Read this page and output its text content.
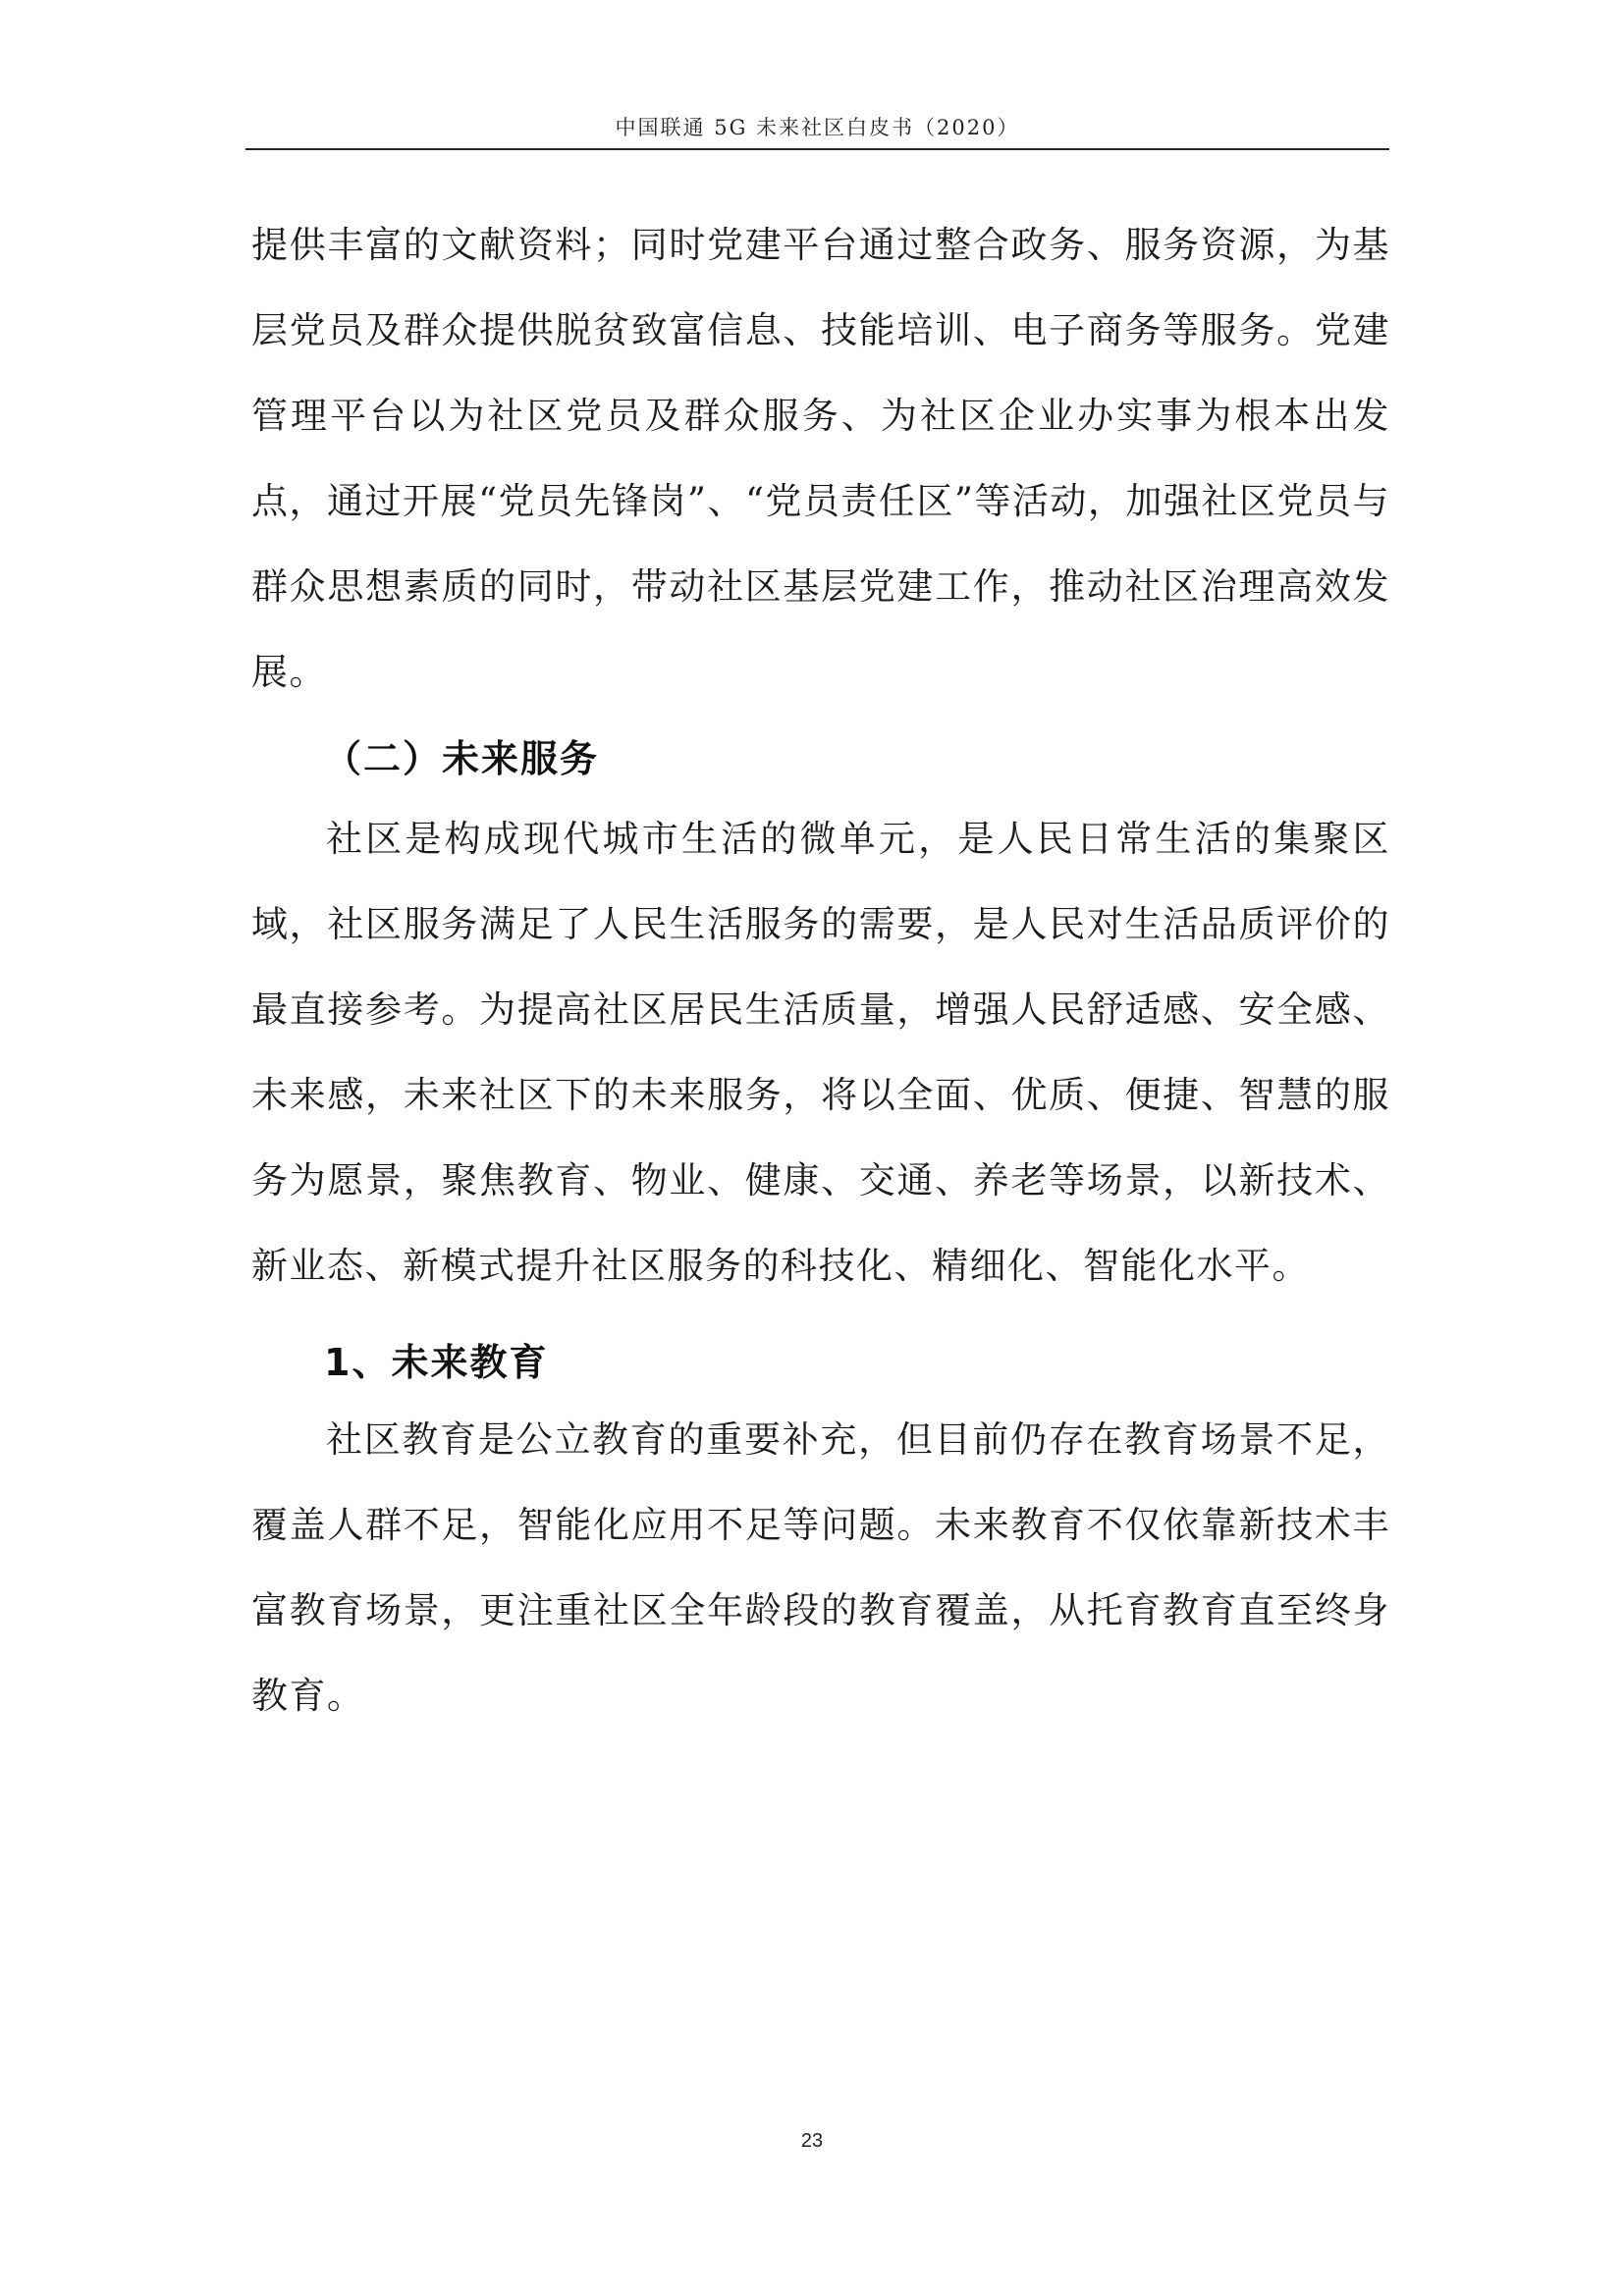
中国联通 5G 未来社区白皮书（2020）

提供丰富的文献资料；同时党建平台通过整合政务、服务资源，为基层党员及群众提供脱贫致富信息、技能培训、电子商务等服务。党建管理平台以为社区党员及群众服务、为社区企业办实事为根本出发点，通过开展“党员先锋岗”、“党员责任区”等活动，加强社区党员与群众思想素质的同时，带动社区基层党建工作，推动社区治理高效发展。

（二）未来服务

社区是构成现代城市生活的微单元，是人民日常生活的集聚区域，社区服务满足了人民生活服务的需要，是人民对生活品质评价的最直接参考。为提高社区居民生活质量，增强人民舒适感、安全感、未来感，未来社区下的未来服务，将以全面、优质、便捷、智慧的服务为愿景，聚焦教育、物业、健康、交通、养老等场景，以新技术、新业态、新模式提升社区服务的科技化、精细化、智能化水平。

1、未来教育

社区教育是公立教育的重要补充，但目前仍存在教育场景不足，覆盖人群不足，智能化应用不足等问题。未来教育不仅依靠新技术丰富教育场景，更注重社区全年龄段的教育覆盖，从托育教育直至终身教育。

23
